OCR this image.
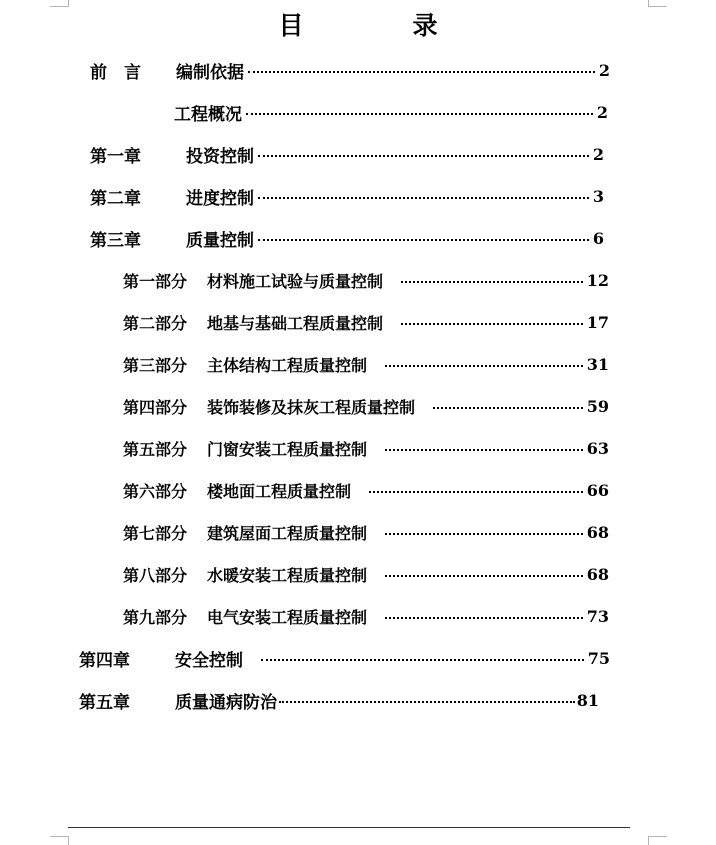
目　录
前　言	编制依据	2
工程概况	2
第一章	投资控制	2
第二章	进度控制	3
第三章	质量控制	6
第一部分	材料施工试验与质量控制	12
第二部分	地基与基础工程质量控制	17
第三部分	主体结构工程质量控制	31
第四部分	装饰装修及抹灰工程质量控制	59
第五部分	门窗安装工程质量控制	63
第六部分	楼地面工程质量控制	66
第七部分	建筑屋面工程质量控制	68
第八部分	水暖安装工程质量控制	68
第九部分	电气安装工程质量控制	73
第四章	安全控制	75
第五章	质量通病防治	81
